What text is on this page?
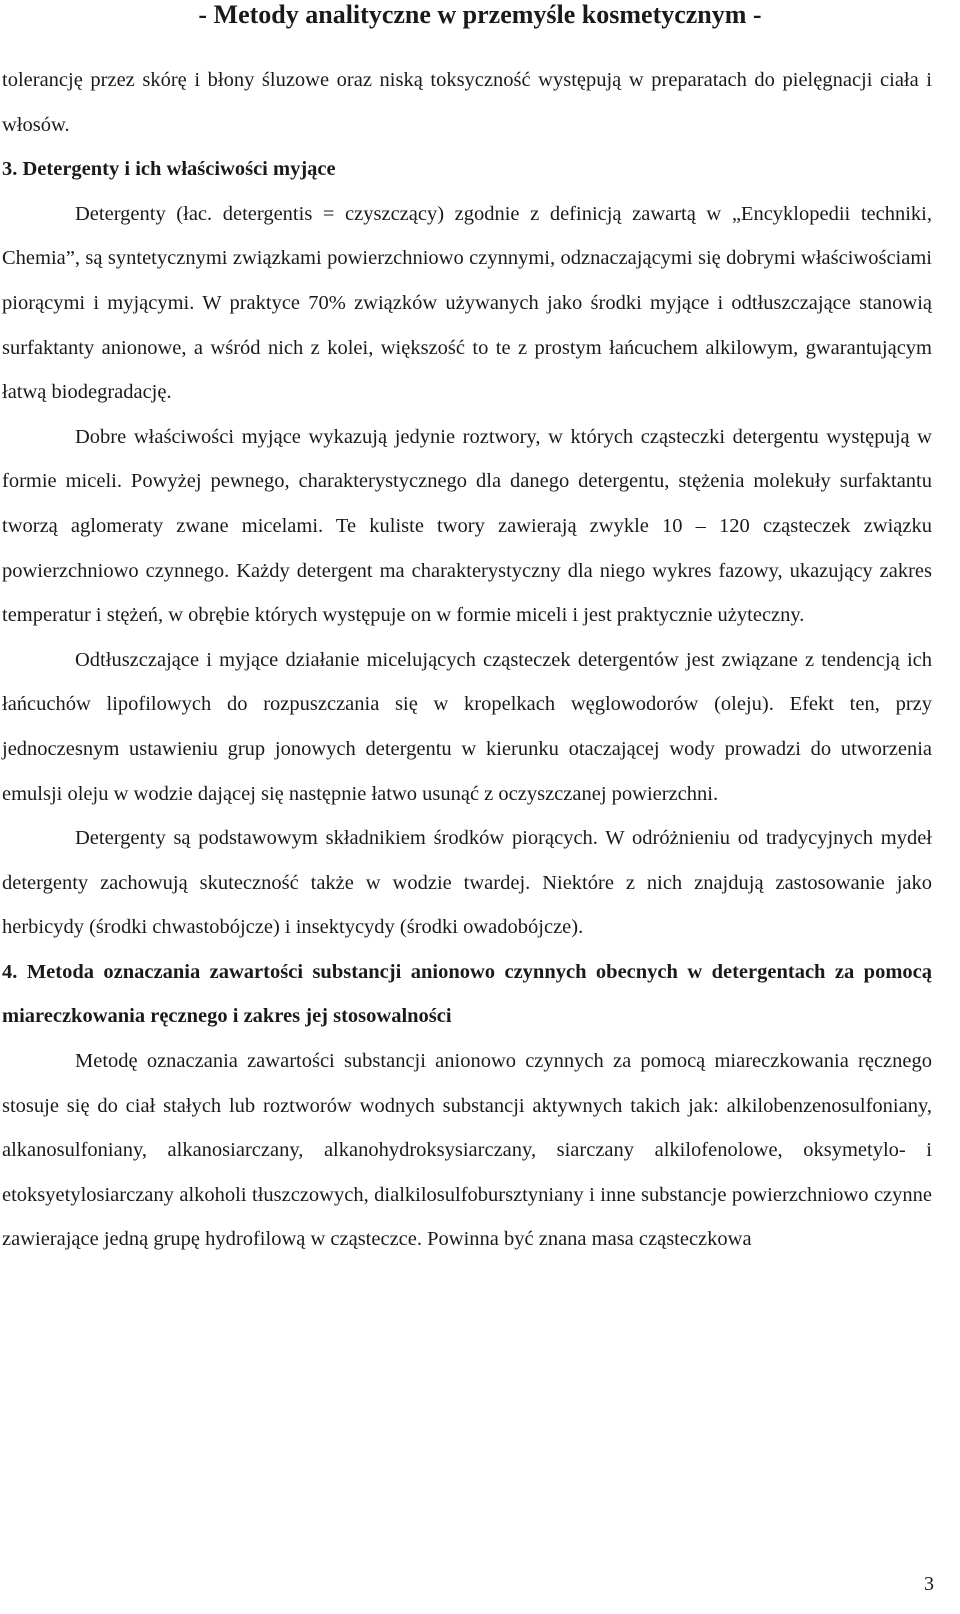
- Metody analityczne w przemyśle kosmetycznym -

tolerancję przez skórę i błony śluzowe oraz niską toksyczność występują w preparatach do pielęgnacji ciała i włosów.

3. Detergenty i ich właściwości myjące

Detergenty (łac. detergentis = czyszczący) zgodnie z definicją zawartą w „Encyklopedii techniki, Chemia”, są syntetycznymi związkami powierzchniowo czynnymi, odznaczającymi się dobrymi właściwościami piorącymi i myjącymi. W praktyce 70% związków używanych jako środki myjące i odtłuszczające stanowią surfaktanty anionowe, a wśród nich z kolei, większość to te z prostym łańcuchem alkilowym, gwarantującym łatwą biodegradację.

Dobre właściwości myjące wykazują jedynie roztwory, w których cząsteczki detergentu występują w formie miceli. Powyżej pewnego, charakterystycznego dla danego detergentu, stężenia molekuły surfaktantu tworzą aglomeraty zwane micelami. Te kuliste twory zawierają zwykle 10 – 120 cząsteczek związku powierzchniowo czynnego. Każdy detergent ma charakterystyczny dla niego wykres fazowy, ukazujący zakres temperatur i stężeń, w obrębie których występuje on w formie miceli i jest praktycznie użyteczny.

Odtłuszczające i myjące działanie micelujących cząsteczek detergentów jest związane z tendencją ich łańcuchów lipofilowych do rozpuszczania się w kropelkach węglowodorów (oleju). Efekt ten, przy jednoczesnym ustawieniu grup jonowych detergentu w kierunku otaczającej wody prowadzi do utworzenia emulsji oleju w wodzie dającej się następnie łatwo usunąć z oczyszczanej powierzchni.

Detergenty są podstawowym składnikiem środków piorących. W odróżnieniu od tradycyjnych mydeł detergenty zachowują skuteczność także w wodzie twardej. Niektóre z nich znajdują zastosowanie jako herbicydy (środki chwastobójcze) i insektycydy (środki owadobójcze).

4. Metoda oznaczania zawartości substancji anionowo czynnych obecnych w detergentach za pomocą miareczkowania ręcznego i zakres jej stosowalności

Metodę oznaczania zawartości substancji anionowo czynnych za pomocą miareczkowania ręcznego stosuje się do ciał stałych lub roztworów wodnych substancji aktywnych takich jak: alkilobenzenosulfoniany, alkanosulfoniany, alkanosiarczany, alkanohydroksysiarczany, siarczany alkilofenolowe, oksymetylo- i etoksyetylosiarczany alkoholi tłuszczowych, dialkilosulfobursztyniany i inne substancje powierzchniowo czynne zawierające jedną grupę hydrofilową w cząsteczce. Powinna być znana masa cząsteczkowa

3
